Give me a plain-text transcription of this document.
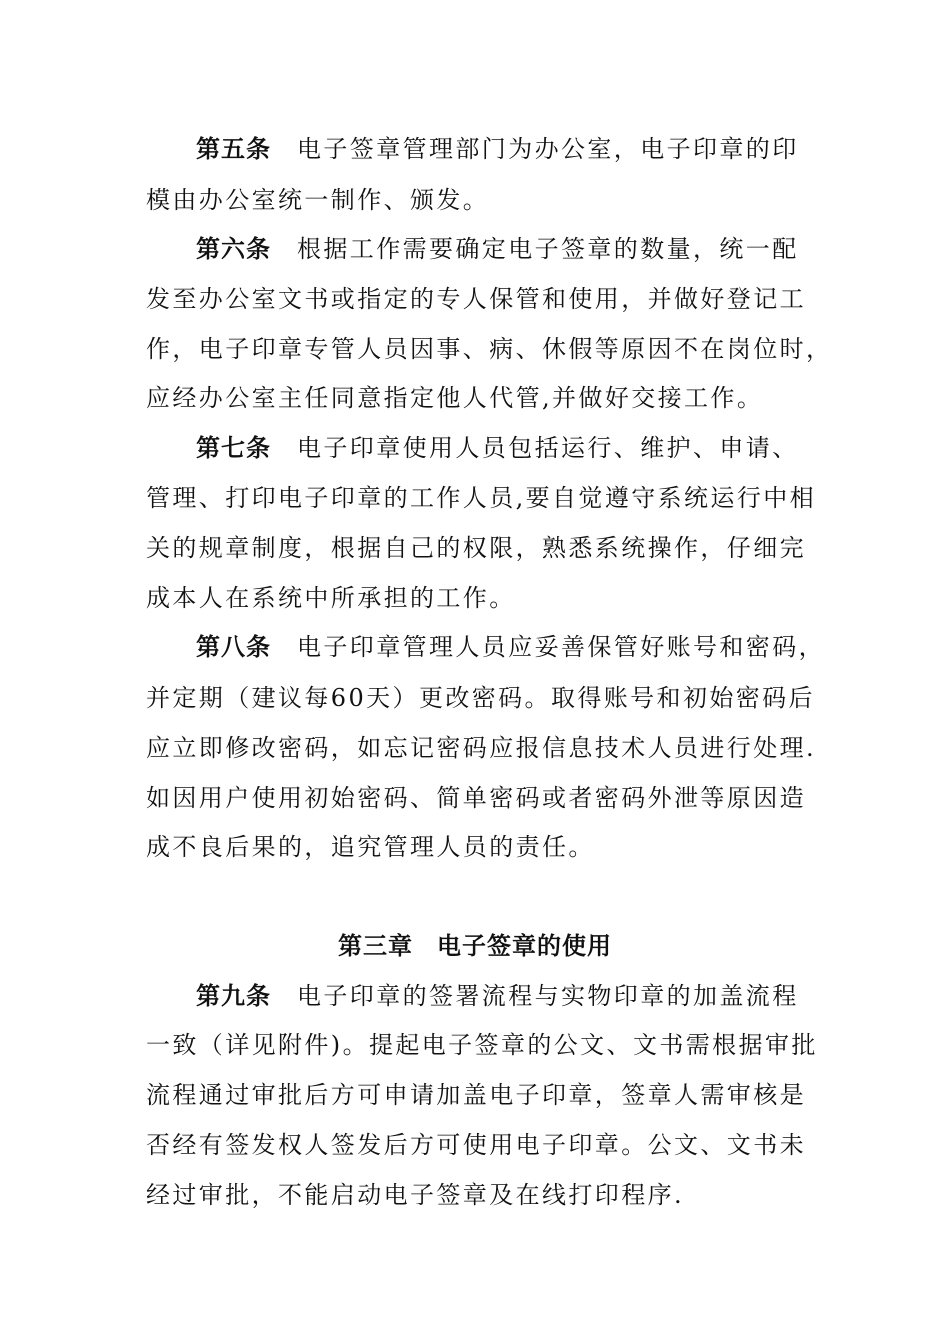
第五条 电子签章管理部门为办公室，电子印章的印
模由办公室统一制作、颁发。
第六条 根据工作需要确定电子签章的数量，统一配
发至办公室文书或指定的专人保管和使用，并做好登记工
作，电子印章专管人员因事、病、休假等原因不在岗位时，
应经办公室主任同意指定他人代管,并做好交接工作。
第七条 电子印章使用人员包括运行、维护、申请、
管理、打印电子印章的工作人员,要自觉遵守系统运行中相
关的规章制度，根据自己的权限，熟悉系统操作，仔细完
成本人在系统中所承担的工作。
第八条 电子印章管理人员应妥善保管好账号和密码，
并定期（建议每60天）更改密码。取得账号和初始密码后
应立即修改密码，如忘记密码应报信息技术人员进行处理.
如因用户使用初始密码、简单密码或者密码外泄等原因造
成不良后果的，追究管理人员的责任。
第三章 电子签章的使用
第九条 电子印章的签署流程与实物印章的加盖流程
一致（详见附件)。提起电子签章的公文、文书需根据审批
流程通过审批后方可申请加盖电子印章，签章人需审核是
否经有签发权人签发后方可使用电子印章。公文、文书未
经过审批，不能启动电子签章及在线打印程序.
